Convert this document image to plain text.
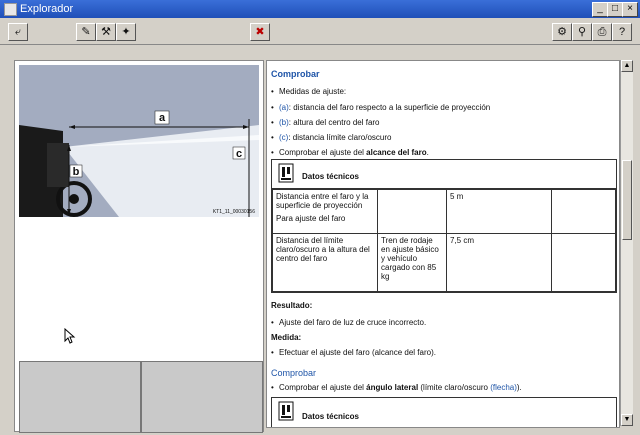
Explorador	_ □ ×
⤶	✎ ⚒ ✦	✖	⚙	⚲	⎙	?
a
b
c
KT1_11_00030156
Comprobar
• Medidas de ajuste:
• (a): distancia del faro respecto a la superficie de proyección
• (b): altura del centro del faro
• (c): distancia límite claro/oscuro
• Comprobar el ajuste del alcance del faro.
Datos técnicos
Distancia entre el faro y la superficie de proyección
Para ajuste del faro		5 m	
Distancia del límite claro/oscuro a la altura del centro del faro	Tren de rodaje en ajuste básico y vehículo cargado con 85 kg	7,5 cm	
Resultado:
• Ajuste del faro de luz de cruce incorrecto.
Medida:
• Efectuar el ajuste del faro (alcance del faro).
Comprobar
• Comprobar el ajuste del ángulo lateral (límite claro/oscuro (flecha)).
Datos técnicos
▲
▼
